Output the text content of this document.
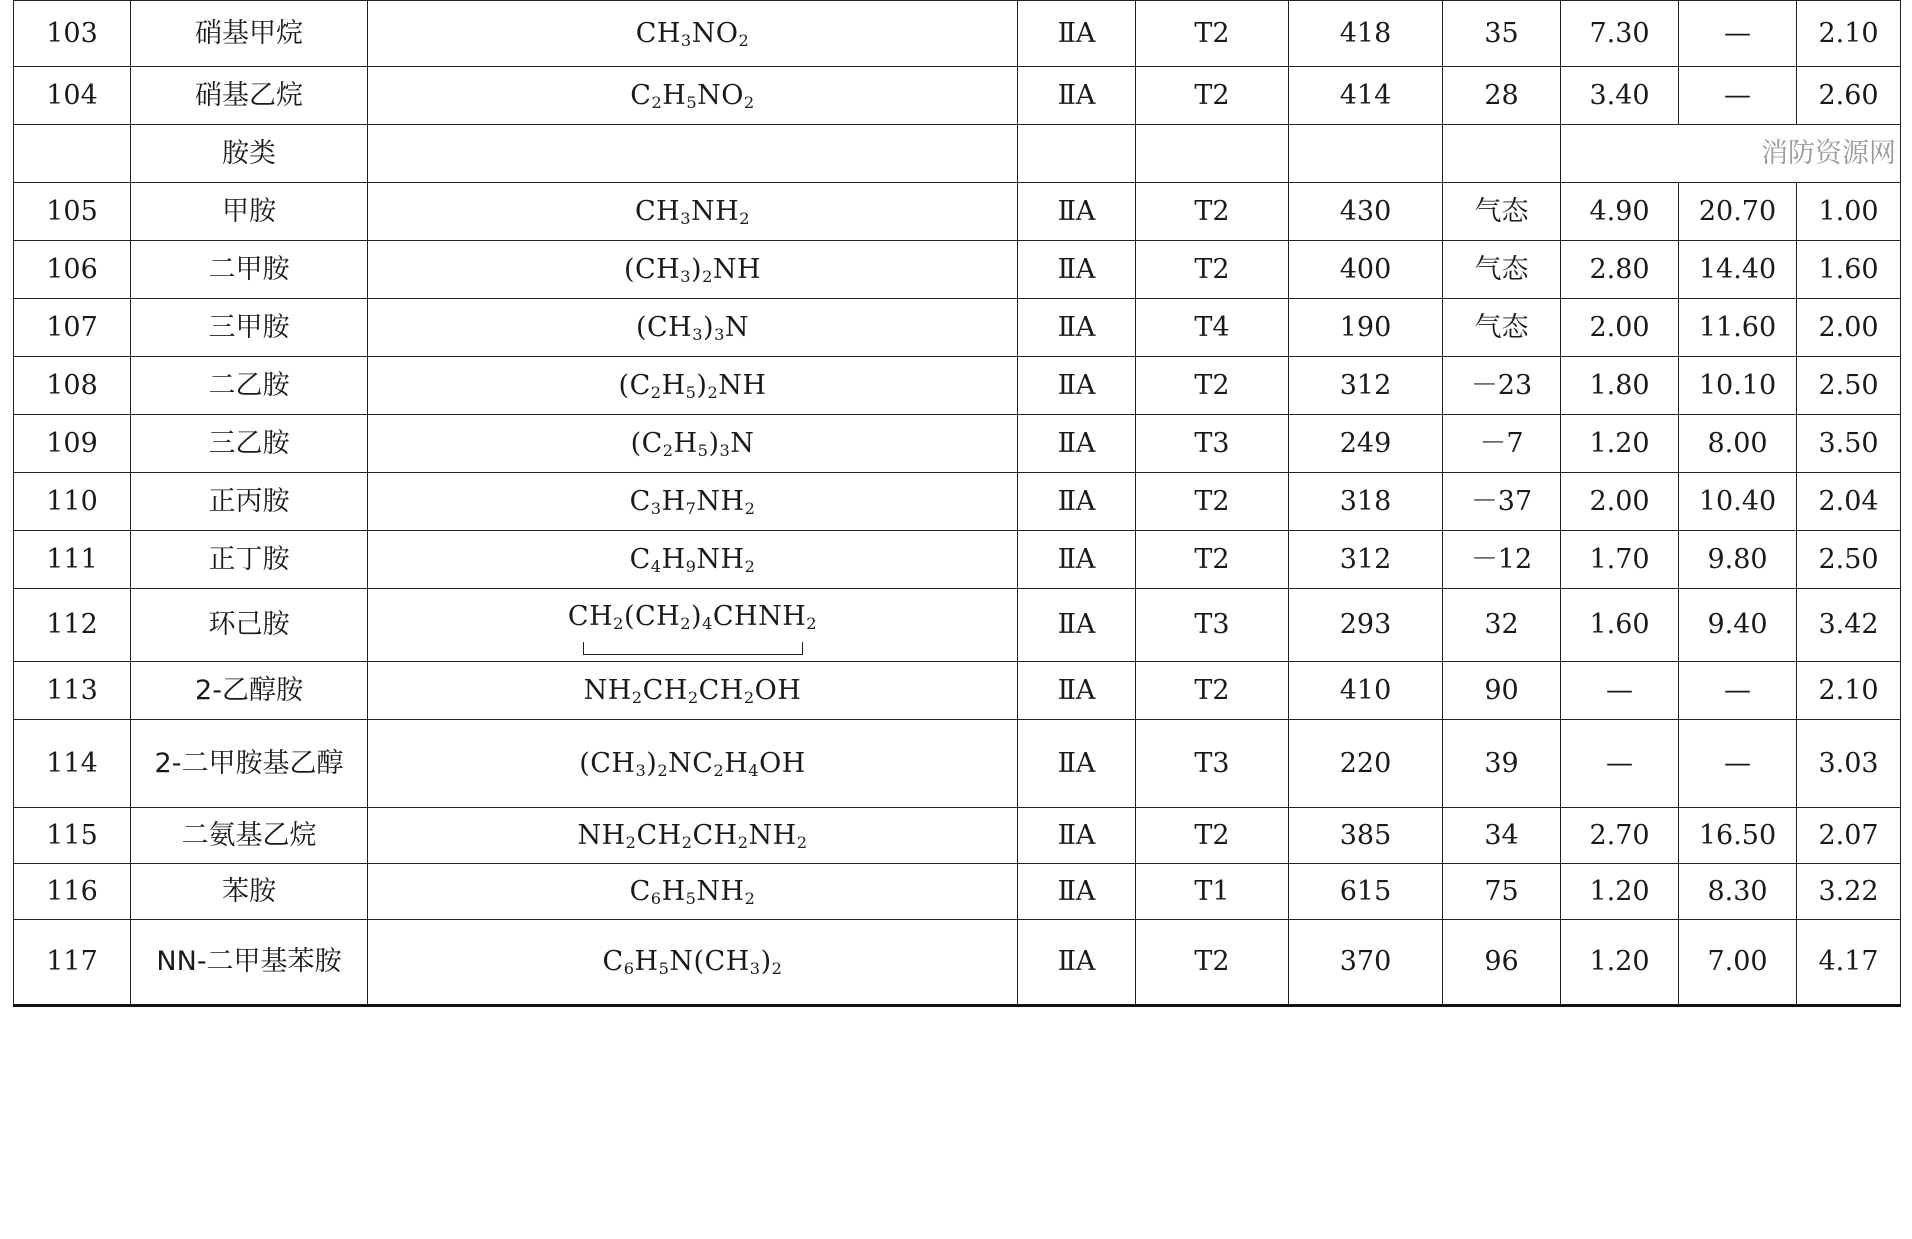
103	硝基甲烷	$CH_3NO_2$	ⅡA	T2	418	35	7.30	—	2.10
104	硝基乙烷	$C_2H_5NO_2$	ⅡA	T2	414	28	3.40	—	2.60
	胺类						消防资源网		
105	甲胺	$CH_3NH_2$	ⅡA	T2	430	气态	4.90	20.70	1.00
106	二甲胺	$(CH_3)_2NH$	ⅡA	T2	400	气态	2.80	14.40	1.60
107	三甲胺	$(CH_3)_3N$	ⅡA	T4	190	气态	2.00	11.60	2.00
108	二乙胺	$(C_2H_5)_2NH$	ⅡA	T2	312	－23	1.80	10.10	2.50
109	三乙胺	$(C_2H_5)_3N$	ⅡA	T3	249	－7	1.20	8.00	3.50
110	正丙胺	$C_3H_7NH_2$	ⅡA	T2	318	－37	2.00	10.40	2.04
111	正丁胺	$C_4H_9NH_2$	ⅡA	T2	312	－12	1.70	9.80	2.50
112	环己胺	$CH_2(CH_2)_4CHNH_2$	ⅡA	T3	293	32	1.60	9.40	3.42
113	2-乙醇胺	$NH_2CH_2CH_2OH$	ⅡA	T2	410	90	—	—	2.10
114	2-二甲胺基乙醇	$(CH_3)_2NC_2H_4OH$	ⅡA	T3	220	39	—	—	3.03
115	二氨基乙烷	$NH_2CH_2CH_2NH_2$	ⅡA	T2	385	34	2.70	16.50	2.07
116	苯胺	$C_6H_5NH_2$	ⅡA	T1	615	75	1.20	8.30	3.22
117	NN-二甲基苯胺	$C_6H_5N(CH_3)_2$	ⅡA	T2	370	96	1.20	7.00	4.17
